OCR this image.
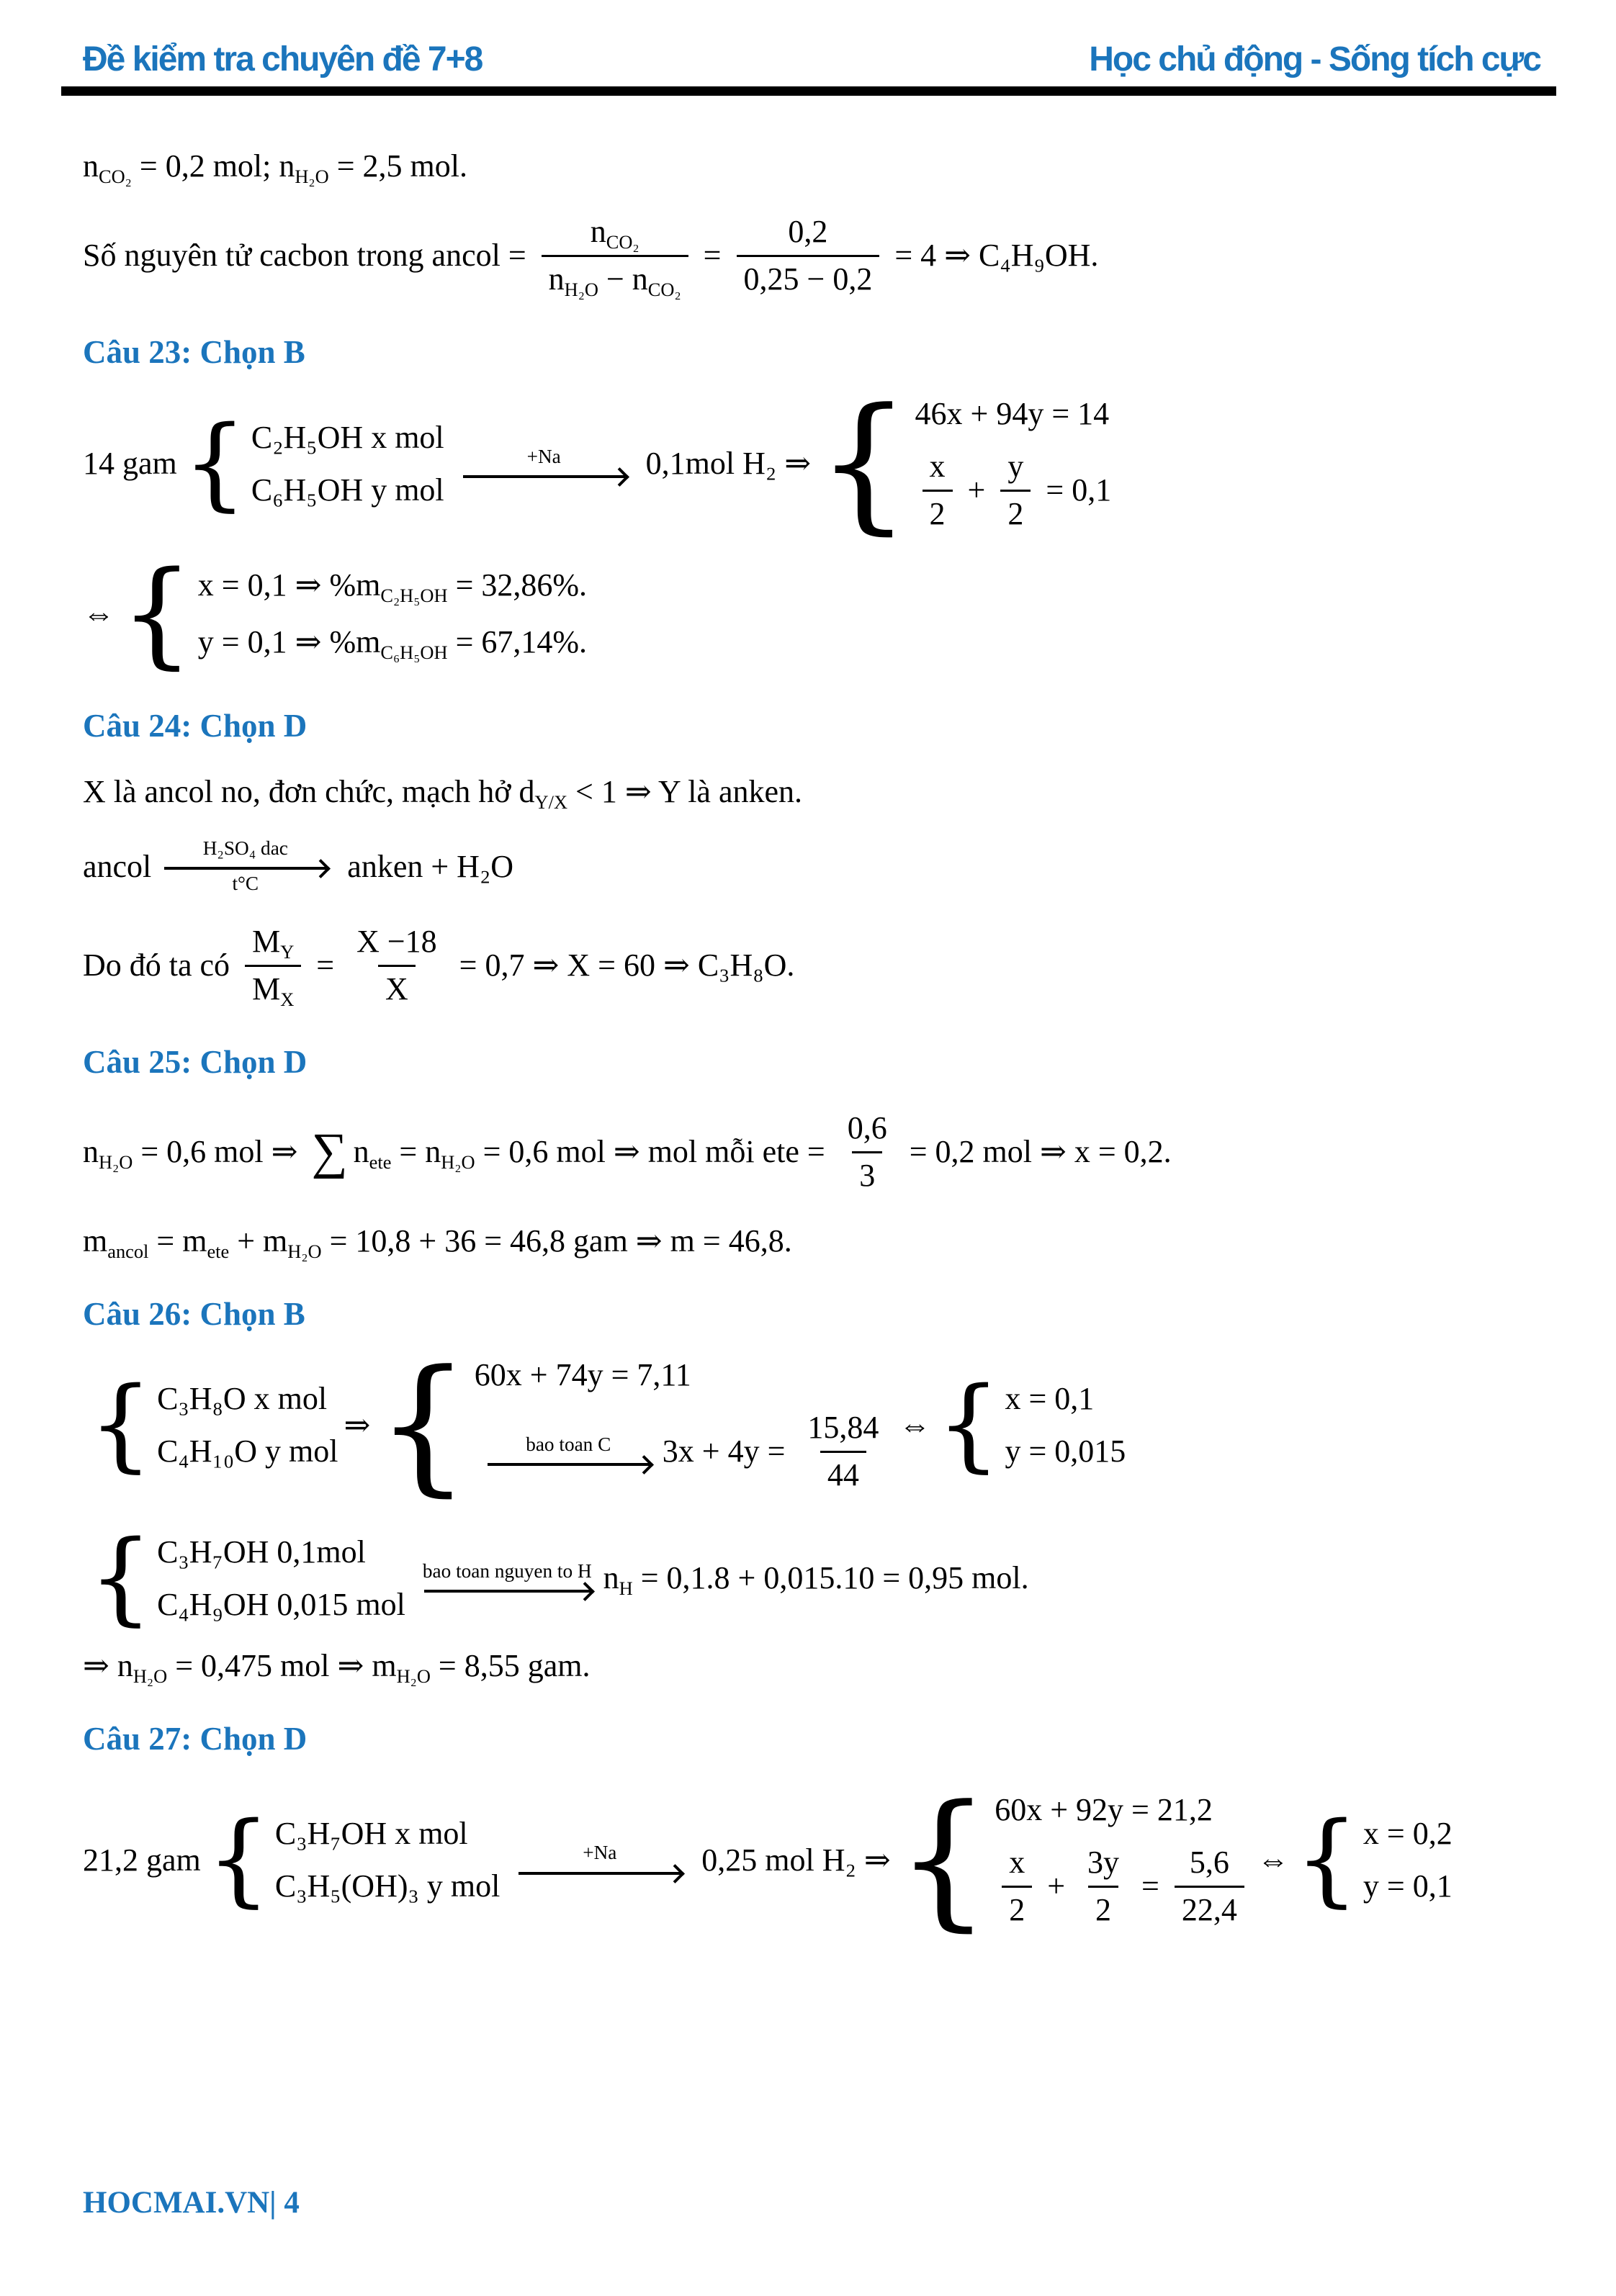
Đề kiểm tra chuyên đề 7+8	Học chủ động - Sống tích cực
$n_{CO_2} = 0,2$ mol; $n_{H_2O} = 2,5$ mol.
Số nguyên tử cacbon trong ancol = $\frac{n_{CO_2}}{n_{H_2O} - n_{CO_2}} = \frac{0,2}{0,25 - 0,2} = 4$ ⇒ C₄H₉OH.
Câu 23: Chọn B
14 gam { C₂H₅OH x mol
C₆H₅OH y mol
+Na 0,1mol H₂ ⇒ { 46x + 94y = 14
$\frac{x}{2} + \frac{y}{2} = 0,1$
⇔ { x = 0,1 ⇒ $\%m_{C_2H_5OH} = 32,86\%$.
y = 0,1 ⇒ $\%m_{C_6H_5OH} = 67,14\%$.
Câu 24: Chọn D
X là ancol no, đơn chức, mạch hở $d_{Y/X} < 1$ ⇒ Y là anken.
ancol
H₂SO₄ dac
t°C	anken + H₂O
Do đó ta có $\frac{M_Y}{M_X} = \frac{X -18}{X} = 0,7$ ⇒ X = 60 ⇒ C₃H₈O.
Câu 25: Chọn D
$n_{H_2O} = 0,6$ mol ⇒ ∑ $n_{ete} = n_{H_2O} = 0,6$ mol ⇒ mol mỗi ete = $\frac{0,6}{3} = 0,2$ mol ⇒ x = 0,2.
$m_{ancol} = m_{ete} + m_{H_2O} = 10,8 + 36 = 46,8$ gam ⇒ m = 46,8.
Câu 26: Chọn B
{ C₃H₈O x mol
C₄H₁₀O y mol
⇒ { 60x + 74y = 7,11
bao toan C $3x + 4y = \frac{15,84}{44}$ ⇔ { x = 0,1
y = 0,015
{ C₃H₇OH 0,1mol
C₄H₉OH 0,015 mol
bao toan nguyen to H $n_H = 0,1.8 + 0,015.10 = 0,95$ mol.
⇒ $n_{H_2O} = 0,475$ mol ⇒ $m_{H_2O} = 8,55$ gam.
Câu 27: Chọn D
21,2 gam { C₃H₇OH x mol
C₃H₅(OH)₃ y mol
+Na 0,25 mol H₂ ⇒ { 60x + 92y = 21,2
$\frac{x}{2} + \frac{3y}{2} = \frac{5,6}{22,4}$ ⇔ { x = 0,2
y = 0,1
HOCMAI.VN| 4
